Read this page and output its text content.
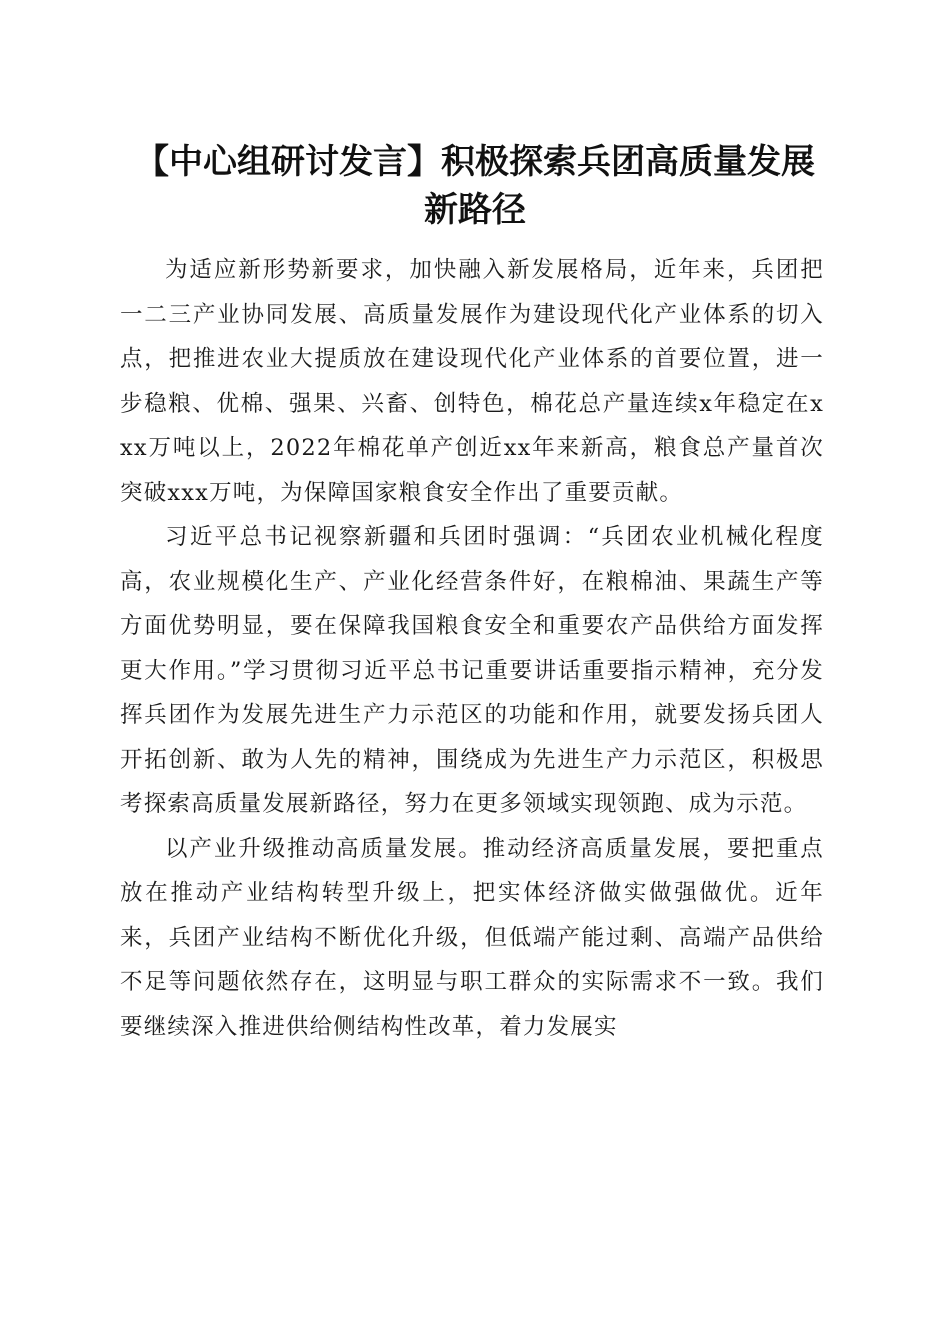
【中心组研讨发言】积极探索兵团高质量发展
新路径

为适应新形势新要求，加快融入新发展格局，近年来，兵团把一二三产业协同发展、高质量发展作为建设现代化产业体系的切入点，把推进农业大提质放在建设现代化产业体系的首要位置，进一步稳粮、优棉、强果、兴畜、创特色，棉花总产量连续x年稳定在xxx万吨以上，2022年棉花单产创近xx年来新高，粮食总产量首次突破xxx万吨，为保障国家粮食安全作出了重要贡献。

习近平总书记视察新疆和兵团时强调：“兵团农业机械化程度高，农业规模化生产、产业化经营条件好，在粮棉油、果蔬生产等方面优势明显，要在保障我国粮食安全和重要农产品供给方面发挥更大作用。”学习贯彻习近平总书记重要讲话重要指示精神，充分发挥兵团作为发展先进生产力示范区的功能和作用，就要发扬兵团人开拓创新、敢为人先的精神，围绕成为先进生产力示范区，积极思考探索高质量发展新路径，努力在更多领域实现领跑、成为示范。

以产业升级推动高质量发展。推动经济高质量发展，要把重点放在推动产业结构转型升级上，把实体经济做实做强做优。近年来，兵团产业结构不断优化升级，但低端产能过剩、高端产品供给不足等问题依然存在，这明显与职工群众的实际需求不一致。我们要继续深入推进供给侧结构性改革，着力发展实
